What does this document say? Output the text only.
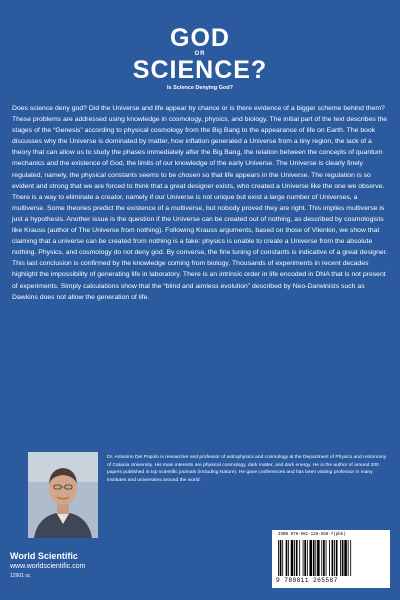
GOD
OR
SCIENCE?
Is Science Denying God?

Does science deny god? Did the Universe and life appear by chance or is there evidence of a bigger scheme behind them? These problems are addressed using knowledge in cosmology, physics, and biology. The initial part of the text describes the stages of the “Genesis” according to physical cosmology from the Big Bang to the appearance of life on Earth. The book discusses why the Universe is dominated by matter, how inflation generated a Universe from a tiny region, the lack of a theory that can allow us to study the phases immediately after the Big Bang, the relation between the concepts of quantum mechanics and the existence of God, the limits of our knowledge of the early Universe. The Universe is clearly finely regulated, namely, the physical constants seems to be chosen so that life appears in the Universe. The regulation is so evident and strong that we are forced to think that a great designer exists, who created a Universe like the one we observe. There is a way to eliminate a creator, namely if our Universe is not unique but exist a large number of Universes, a multiverse. Some theories predict the existence of a multiverse, but nobody proved they are right. This implies multiverse is just a hypothesis. Another issue is the question if the Universe can be created out of nothing, as described by cosmologists like Krauss (author of The Universe from nothing). Following Krauss arguments, based on those of Vilenkin, we show that claiming that a universe can be created from nothing is a fake: physics is unable to create a Universe from the absolute nothing. Physics, and cosmology do not deny god. By converse, the fine tuning of constants is indicative of a great designer. This last conclusion is confirmed by the knowledge coming from biology. Thousands of experiments in recent decades highlight the impossibility of generating life in laboratory. There is an intrinsic order in life encoded in DNA that is not present of experiments. Simply calculations show that the “blind and aimless evolution” described by Neo-Darwinists such as Dawkins does not allow the generation of life.

Dr. Antonino Del Popolo is researcher and professor of astrophysics and cosmology at the Department of Physics and Astronomy of Catania University. His main interests are physical cosmology, dark matter, and dark energy. He is the author of around 200 papers published in top scientific journals (including Nature). He gave conferences and has been visiting professor in many institutes and universities around the world.

World Scientific
www.worldscientific.com
12901 sc
ISBN 978-981-126-558-7(pbk)
9 789811 265587
